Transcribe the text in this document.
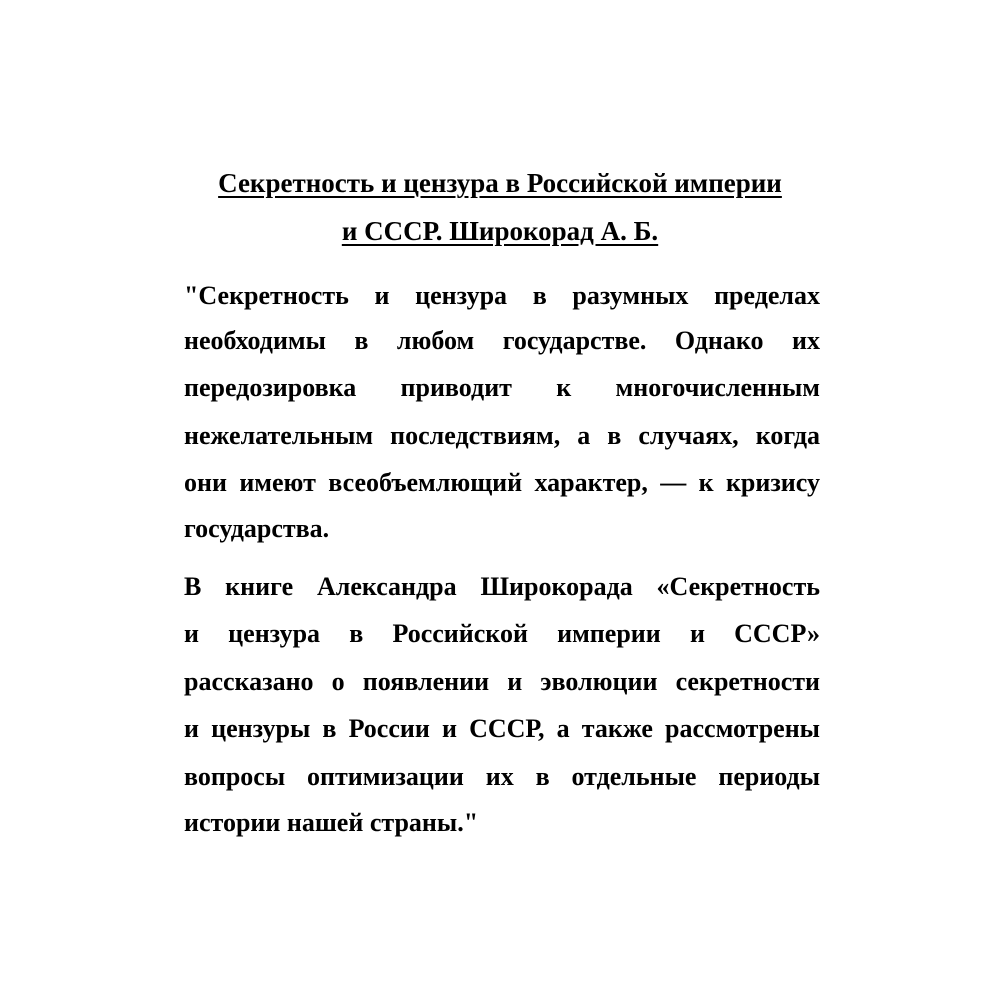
Секретность и цензура в Российской империи
и СССР. Широкорад А. Б.
"Секретность и цензура в разумных пределах
необходимы в любом государстве. Однако их
передозировка приводит к многочисленным
нежелательным последствиям, а в случаях, когда
они имеют всеобъемлющий характер, — к кризису
государства.
В книге Александра Широкорада «Секретность
и цензура в Российской империи и СССР»
рассказано о появлении и эволюции секретности
и цензуры в России и СССР, а также рассмотрены
вопросы оптимизации их в отдельные периоды
истории нашей страны."
